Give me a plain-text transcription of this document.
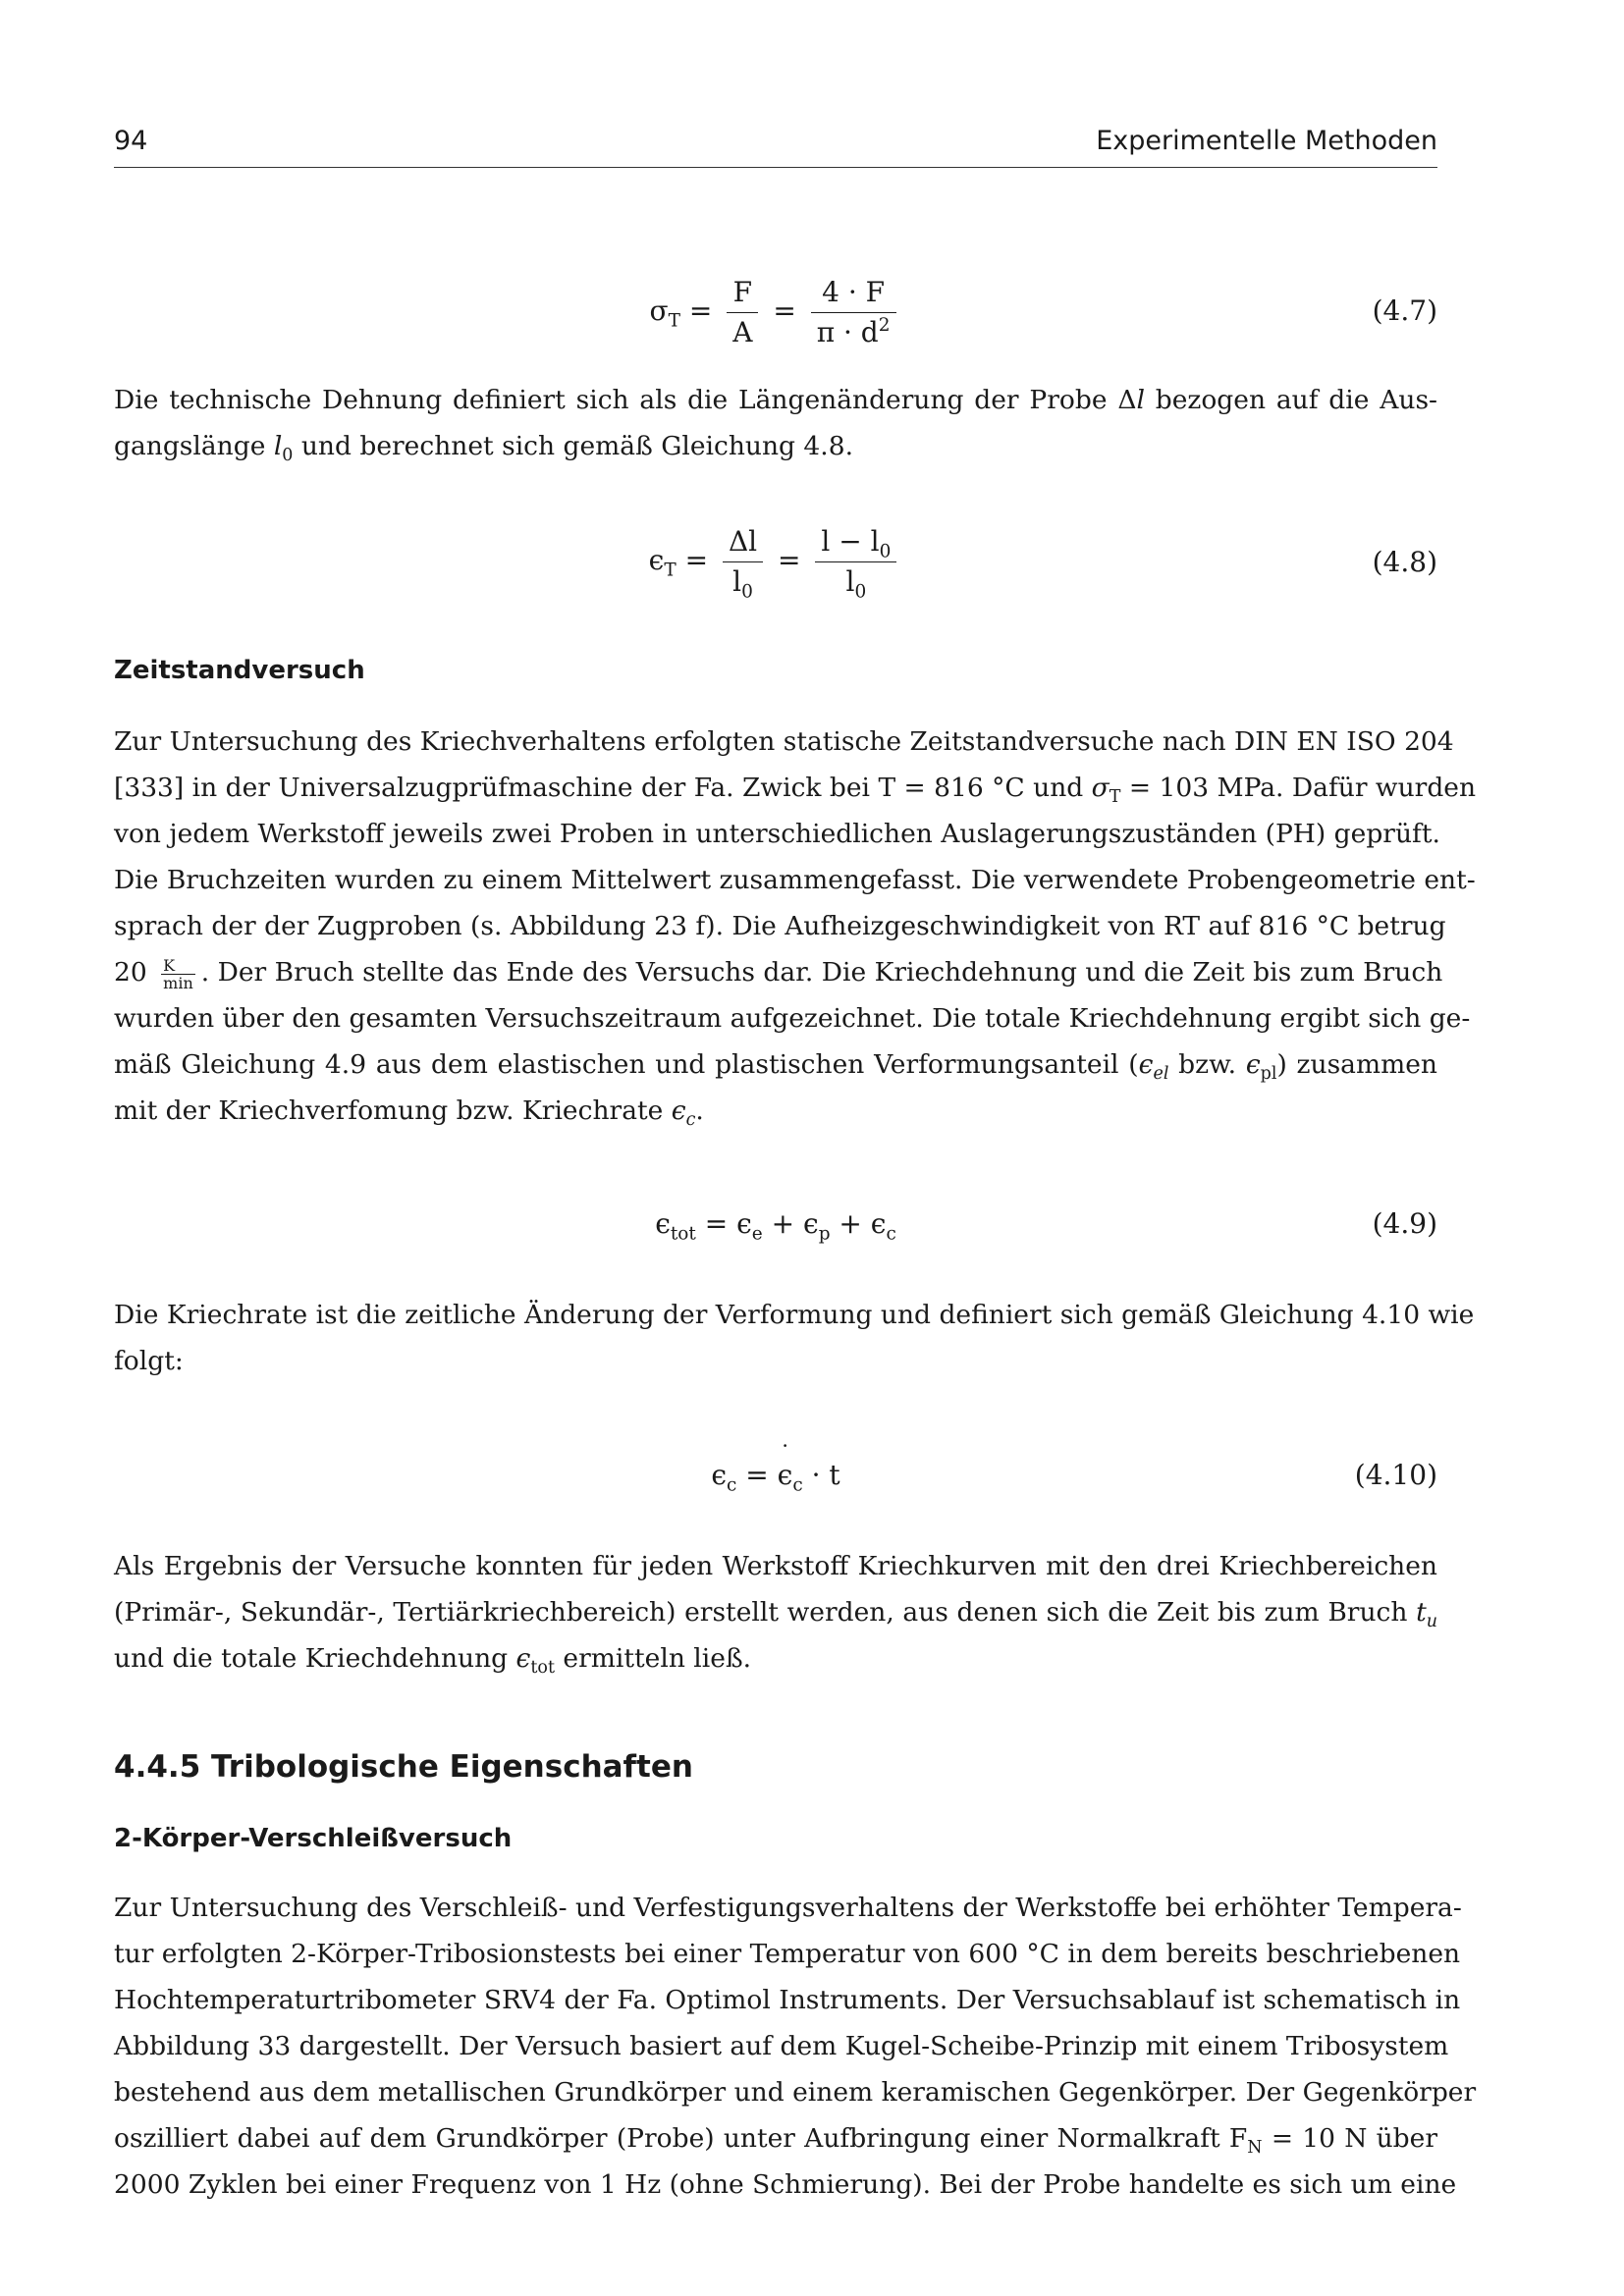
94	Experimentelle Methoden
$\sigma_T = \frac{F}{A} = \frac{4 \cdot F}{\pi \cdot d^2}$	(4.7)
Die technische Dehnung definiert sich als die Längenänderung der Probe Δl bezogen auf die Aus-
gangslänge $l_0$ und berechnet sich gemäß Gleichung 4.8.
$\epsilon_T = \frac{\Delta l}{l_0} = \frac{l - l_0}{l_0}$	(4.8)
Zeitstandversuch
Zur Untersuchung des Kriechverhaltens erfolgten statische Zeitstandversuche nach DIN EN ISO 204
[333] in der Universalzugprüfmaschine der Fa. Zwick bei T = 816 °C und $\sigma_T = 103$ MPa. Dafür wurden
von jedem Werkstoff jeweils zwei Proben in unterschiedlichen Auslagerungszuständen (PH) geprüft.
Die Bruchzeiten wurden zu einem Mittelwert zusammengefasst. Die verwendete Probengeometrie ent-
sprach der der Zugproben (s. Abbildung 23 f). Die Aufheizgeschwindigkeit von RT auf 816 °C betrug
$20 \frac{K}{\min}$ . Der Bruch stellte das Ende des Versuchs dar. Die Kriechdehnung und die Zeit bis zum Bruch
wurden über den gesamten Versuchszeitraum aufgezeichnet. Die totale Kriechdehnung ergibt sich ge-
mäß Gleichung 4.9 aus dem elastischen und plastischen Verformungsanteil ($\epsilon_{el}$ bzw. $\epsilon_{pl}$) zusammen
mit der Kriechverfomung bzw. Kriechrate $\epsilon_c$.
$\epsilon_{tot} = \epsilon_e + \epsilon_p + \epsilon_c$	(4.9)
Die Kriechrate ist die zeitliche Änderung der Verformung und definiert sich gemäß Gleichung 4.10 wie
folgt:
$\epsilon_c = \epsilon$ $˙_c \cdot t$	(4.10)
Als Ergebnis der Versuche konnten für jeden Werkstoff Kriechkurven mit den drei Kriechbereichen
(Primär-, Sekundär-, Tertiärkriechbereich) erstellt werden, aus denen sich die Zeit bis zum Bruch $t_u$
und die totale Kriechdehnung $\epsilon_{tot}$ ermitteln ließ.
4.4.5 Tribologische Eigenschaften
2-Körper-Verschleißversuch
Zur Untersuchung des Verschleiß- und Verfestigungsverhaltens der Werkstoffe bei erhöhter Tempera-
tur erfolgten 2-Körper-Tribosionstests bei einer Temperatur von 600 °C in dem bereits beschriebenen
Hochtemperaturtribometer SRV4 der Fa. Optimol Instruments. Der Versuchsablauf ist schematisch in
Abbildung 33 dargestellt. Der Versuch basiert auf dem Kugel-Scheibe-Prinzip mit einem Tribosystem
bestehend aus dem metallischen Grundkörper und einem keramischen Gegenkörper. Der Gegenkörper
oszilliert dabei auf dem Grundkörper (Probe) unter Aufbringung einer Normalkraft $F_N = 10$ N über
2000 Zyklen bei einer Frequenz von 1 Hz (ohne Schmierung). Bei der Probe handelte es sich um eine
